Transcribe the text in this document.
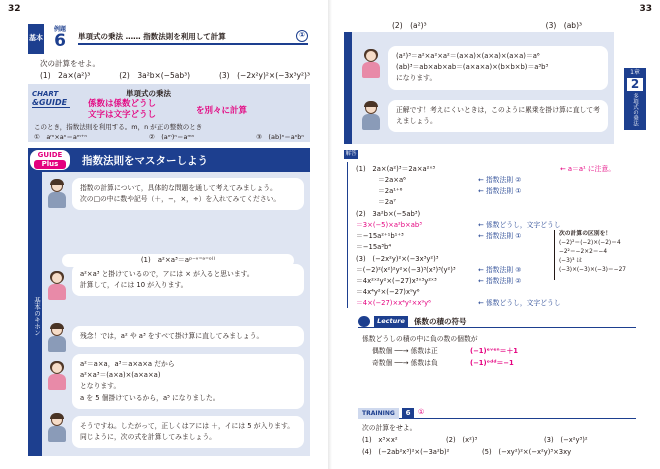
32	33
基本
例題
6	単項式の乗法 …… 指数法則を利用して計算	①
次の計算をせよ。
(1)　2a×(a²)³	(2)　3a²b×(−5ab³)	(3)　(−2x²y)²×(−3x³y²)³
CHART
&GUIDE
単項式の乗法
係数は係数どうし
文字は文字どうし	を別々に計算
このとき，指数法則を利用する。m，n が正の整数のとき
①　aᵐ×aⁿ＝aᵐ⁺ⁿ	②　(aᵐ)ⁿ＝aᵐⁿ	③　(ab)ⁿ＝aⁿbⁿ
GUIDE
Plus	指数法則をマスターしよう
基本のキホン
指数の計算について，具体的な問題を通して考えてみましょう。
次の□の中に数や記号（＋，−，×，÷）を入れてみてください。
a²×a³ と掛けているので，アには × が入ると思います。
計算して，イには 10 が入ります。
残念！では，a² や a³ をすべて掛け算に直してみましょう。
a²＝a×a，a³＝a×a×a だから
a²×a³＝(a×a)×(a×a×a)
となります。
a を 5 個掛けているから，a⁵ になりました。
そうですね。したがって，正しくはアには ＋，イには 5 が入ります。
同じように，次の式を計算してみましょう。
(1)　a²×a³＝aᵖ⁻ᵛ⁼ᵃ⁼ᵒ⁽⁾
(2)　(a²)³	(3)　(ab)³
(a²)³＝a²×a²×a²＝(a×a)×(a×a)×(a×a)＝a⁶
(ab)³＝ab×ab×ab＝(a×a×a)×(b×b×b)＝a³b³
になります。
正解です！考えにくいときは，このように累乗を掛け算に直して考えましょう。
1章
2
多項式の乗法
解答
(1)　2a×(a²)³＝2a×a²ˣ³
＝2a×a⁶
＝2a¹⁺⁶
＝2a⁷
← 指数法則 ②
← 指数法則 ①
← a＝a¹ に注意。
(2)　3a²b×(−5ab³)
＝3×(−5)×a²b×ab³
＝−15a²⁺¹b¹⁺³
＝−15a³b⁴
← 係数どうし，文字どうし
← 指数法則 ①
(3)　(−2x²y)²×(−3x³y²)³
＝(−2)²(x²)²y²×(−3)³(x³)³(y²)³
＝4x²ˣ²y²×(−27)x³ˣ³y²ˣ³
＝4x⁴y²×(−27)x⁹y⁶
＝4×(−27)×x⁴y²×x⁹y⁶
← 指数法則 ③
← 指数法則 ②
← 係数どうし，文字どうし
次の計算の区別を！
(−2)²＝(−2)×(−2)＝4
−2²＝−2×2＝−4
(−3)³ は
(−3)×(−3)×(−3)＝−27
Lecture	係数の積の符号
係数どうしの積の中に負の数の個数が
偶数個 ──→ 係数は正
奇数個 ──→ 係数は負
(−1)ᵉᵛᵉⁿ＝＋1
(−1)ᵒᵈᵈ＝−1
TRAINING	6	①
次の計算をせよ。
(1)　x³×x²	(2)　(x²)³	(3)　(−x²y³)²
(4)　(−2ab²x³)²×(−3a²b)²	(5)　(−xy²)²×(−x²y)³×3xy
